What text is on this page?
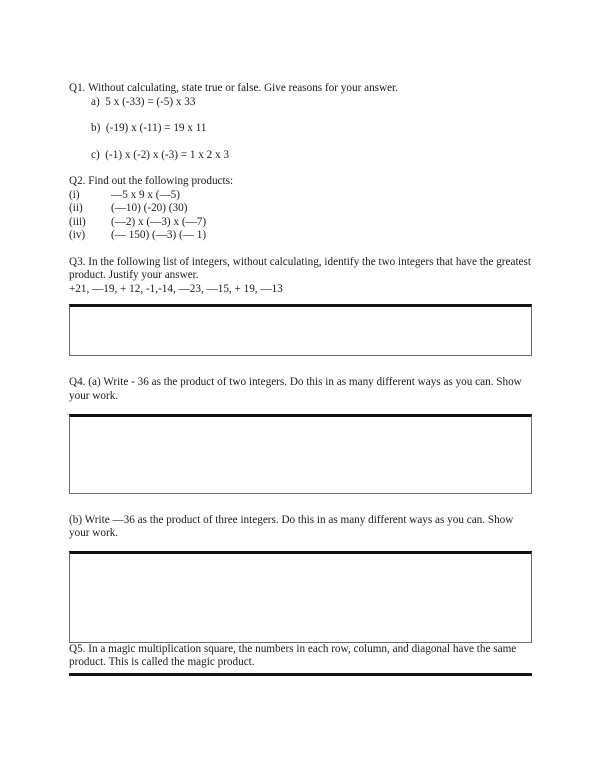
Q1. Without calculating, state true or false. Give reasons for your answer.

a) 5 x (-33) = (-5) x 33

b) (-19) x (-11) = 19 x 11

c) (-1) x (-2) x (-3) = 1 x 2 x 3

Q2. Find out the following products:

(i)	—5 x 9 x (—5)
(ii)	(—10) (-20) (30)
(iii)	(—2) x (—3) x (—7)
(iv)	(— 150) (—3) (— 1)

Q3. In the following list of integers, without calculating, identify the two integers that have the greatest product. Justify your answer.

+21, —19, + 12, -1,-14, —23, —15, + 19, —13

Q4. (a) Write - 36 as the product of two integers. Do this in as many different ways as you can. Show your work.

(b) Write —36 as the product of three integers. Do this in as many different ways as you can. Show your work.

Q5. In a magic multiplication square, the numbers in each row, column, and diagonal have the same product. This is called the magic product.
